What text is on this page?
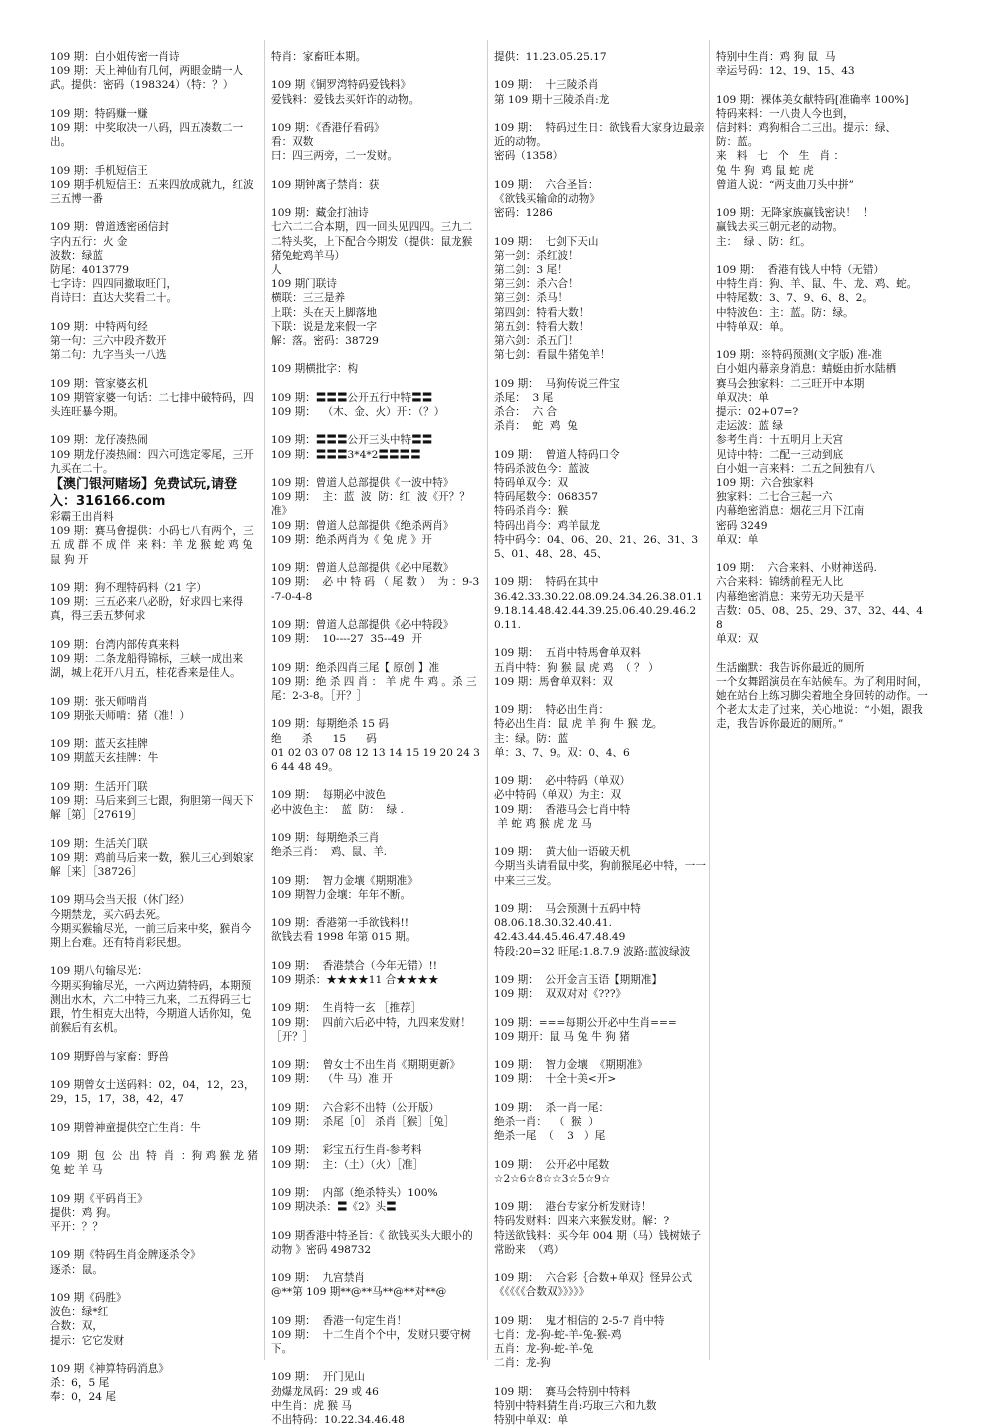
109 期：白小姐传密一肖诗
109 期：天上神仙有几何，两眼金睛一人武。提供：密码（198324）（特：？）
109 期：特码赚一赚
109 期：中奖取决一八码，四五凑数二一出。
109 期：手机短信王
109 期手机短信王：五来四放成就九，红波三五博一番
109 期：曾道透密函信封
字内五行：火 金
波数：绿蓝
防尾：4013779
七字诗：四四同撤取旺门，
肖诗曰：直达大奖看二十。
109 期：中特两句经
第一句：三六中段齐数开
第二句：九字当头一八选
109 期：管家婆玄机
109 期管家婆一句话：二七排中破特码，四头连旺暴今期。
109 期：龙仔凑热闹
109 期龙仔凑热闹：四六可选定零尾，三开九买在二十。
【澳门银河赌场】免费试玩,请登入：316166.com
彩霸王出肖料
109 期：赛马會提供：小码七八有两个，三 五 成 群 不 成 伴  来 料：羊 龙 猴 蛇 鸡 兔 鼠 狗 开
109 期：狗不理特码料（21 字）
109 期：三五必来八必盼，好求四七来得真，得三丢五梦何求
109 期：台湾内部传真来料
109 期：二条龙船得锦标，三峡一成出来湖，城上花开八月五，桂花香来是佳人。
109 期：张天师啃肖
109 期张天师啃：猪（准！）
109 期：蓝天玄挂牌
109 期蓝天玄挂牌：牛
109 期：生活开门联
109 期：马后来到三七跟，狗胆第一闯天下
解［第］［27619］
109 期：生活关门联
109 期：鸡前马后来一数，猴儿三心到娘家
解［来］［38726］
109 期马会当天报（休门经）
今期禁龙，买六码去死。
今期买猴输尽光，一前三后来中奖，猴肖今期上台难。还有特肖彩民想。
109 期八句输尽光：
今期买狗输尽光，一六两边猜特码，本期预测出水木，六二中特三九来，二五得码三七跟，竹生相克大出特，今期道人话你知，兔前猴后有玄机。
109 期野兽与家畜：野兽
109 期曾女士送码料：02，04，12，23，29，15，17，38，42，47
109 期曾神童提供空亡生肖：牛
109  期  包  公  出  特  肖  ：狗 鸡 猴 龙 猪 兔 蛇 羊 马
109 期《平码肖王》
提供：鸡 狗。
平开：？？
109 期《特码生肖金牌逐杀令》
逐杀：鼠。
109 期《码胜》
波色：绿*红
合数：双，
提示：它它发财
109 期《神算特码消息》
杀：6，5 尾
奉：0，24 尾
特肖：家畜旺本期。
109 期《铜罗湾特码爱钱料》
爱钱料：爱钱去买奸诈的动物。
109 期：《香港仔看码》
看：双数
曰：四三两旁，二一发财。
109 期钟离子禁肖：获
109 期：藏金打油诗
七六二二合本期，四一回头见四四。三九二二特头奖，上下配合今期发（提供：鼠龙猴猪兔蛇鸡羊马）
人
109 期门联诗
横联：三三是养
上联：头在天上脚落地
下联：说是龙来假一字
解：落。密码：38729
109 期横批字：构
109 期：〓〓〓公开五行中特〓〓
109 期：  （木、金、火）开：（？）
109 期：〓〓〓公开三头中特〓〓
109 期：〓〓〓3*4*2〓〓〓〓
109 期：曾道人总部提供《一波中特》
109 期：  主：蓝  波  防：红  波《开？？准》
109 期：曾道人总部提供《绝杀两肖》
109 期：绝杀两肖为《 兔 虎 》开
109 期：曾道人总部提供《必中尾数》
109 期：  必 中 特 码 （ 尾 数 ）  为 ：9-3-7-0-4-8
109 期：曾道人总部提供《必中特段》
109 期：  10----27  35--49  开
109 期：绝杀四肖三尾【 原创 】准
109 期：绝 杀 四 肖 ： 羊 虎 牛 鸡 。杀 三 尾：2-3-8。［开？］
109 期：每期绝杀 15 码
绝      杀      15      码
01 02 03 07 08 12 13 14 15 19 20 24 36 44 48 49。
109 期：  每期必中波色
必中波色主：  蓝  防：  绿 .
109 期：每期绝杀三肖
绝杀三肖：  鸡、鼠、羊.
109 期：  智力金壤《期期准》
109 期智力金壤：年年不断。
109 期：香港第一手欲钱料!!
欲钱去看 1998 年第 015 期。
109 期：  香港禁合（今年无错）!!
109 期杀：★★★★11 合★★★★
109 期：  生肖特一玄 ［推荐］
109 期：  四前六后必中特，九四来发财！［开？］
109 期：  曾女士不出生肖《期期更新》
109 期：  （牛 马）准 开
109 期：  六合彩不出特（公开版）
109 期：  杀尾［0］ 杀肖［猴］［兔］
109 期：  彩宝五行生肖-参考料
109 期：  主：（土）（火）［准］
109 期：  内部（绝杀特头）100%
109 期决杀：〓《2》头〓
109 期香港中特圣旨：《 欲钱买头大眼小的动物 》密码 498732
109 期：  九宫禁肖
@**第 109 期**@**马**@**对**@
109 期：  香港一句定生肖！
109 期：  十二生肖个个中，发财只要守树下。
109 期：  开门见山
劲爆龙凤码：29 或 46
中生肖：虎 猴 马
不出特码：10.22.34.46.48
提供：11.23.05.25.17
109 期：  十三陵杀肖
第 109 期十三陵杀肖:龙
109 期：  特码过生日：欲钱看大家身边最亲近的动物。
密码（1358）
109 期：  六合圣旨：
《欲钱买输命的动物》
密码：1286
109 期：  七剑下天山
第一剑：杀红波！
第二剑：3 尾！
第三剑：杀六合！
第三剑：杀马！
第四剑：特看大数！
第五剑：特看大数！
第六剑：杀五门！
第七剑：看鼠牛猪兔羊！
109 期：  马狗传说三件宝
杀尾：  3 尾
杀合：  六 合
杀肖：  蛇  鸡  兔
109 期：  曾道人特码口令
特码杀波色今：蓝波
特码单双今：双
特码尾数今：068357
特码杀肖今：猴
特码出肖今：鸡羊鼠龙
特中码今：04、06、20、21、26、31、35、01、48、28、45、
109 期：  特码在其中
36.42.33.30.22.08.09.24.34.26.38.01.19.18.14.48.42.44.39.25.06.40.29.46.20.11.
109 期：  五肖中特馬會单双料
五肖中特：狗 猴 鼠 虎 鸡  （ ？ ）
109 期：馬會单双料：双
109 期：  特必出生肖：
特必出生肖：鼠 虎 羊 狗 牛 猴 龙。
主：绿。防：蓝
单：3、7、9。双：0、4、6
109 期：  必中特码（单双）
必中特码（单双）为主：双
109 期：  香港马会七肖中特
羊 蛇 鸡 猴 虎 龙 马
109 期：  黄大仙一语破天机
今期当头请看鼠中奖，狗前猴尾必中特，一一中来三三发。
109 期：  马会预测十五码中特
08.06.18.30.32.40.41.
42.43.44.45.46.47.48.49
特段:20=32 旺尾:1.8.7.9 波路:蓝波绿波
109 期：  公开金言玉语【期期准】
109 期：  双双对对《???》
109 期：===每期公开必中生肖===
109 期开：鼠 马 兔 牛 狗 猪
109 期：  智力金壤  《期期准》
109 期：  十全十美<开>
109 期：  杀一肖一尾：
绝杀一肖：  （  猴  ）
绝杀一尾  （    3   ）尾
109 期：  公开必中尾数
☆2☆6☆8☆☆3☆5☆9☆
109 期：  港台专家分析发财诗！
特码发财料：四来六来猴发财。解：?
特送欲钱料：买今年 004 期（马）钱树婊子常盼来  （鸡）
109 期：  六合彩｛合数+单双｝怪异公式
《《《《《合数双》》》》》
109 期：  鬼才相信的 2-5-7 肖中特
七肖：龙-狗-蛇-羊-兔-猴-鸡
五肖：龙-狗-蛇-羊-兔
二肖：龙-狗
109 期：  赛马会特别中特料
特别中特料猜生肖:巧取三六和九数
特别中单双：单
特别中生肖：鸡 狗 鼠  马
幸运号码：12、19、15、43
109 期：裸体美女献特码[准确率 100%]
特码来料：一八贵人今也到，
信封料：鸡狗相合二三出。提示：绿、
防：蓝。
来   料   七   个   生   肖 ：
兔 牛 狗  鸡 鼠 蛇 虎
曾道人说：“两支曲刀头中拼”
109 期：无降家族赢钱密诀！  ！
赢钱去买三朝元老的动物。
主：  绿 、防：红。
109 期：  香港有钱人中特（无错）
中特生肖：狗、羊、鼠、牛、龙、鸡、蛇。
中特尾数：3、7、9、6、8、2。
中特波色：主：蓝。防：绿。
中特单双：单。
109 期：※特码预测(文字版) 准-准
白小姐内幕亲身消息：蜻蜓由折水陆栖
赛马会独家料：二三旺开中本期
单双决：单
提示：02+07=?
走运波：蓝 绿
参考生肖：十五明月上天宫
见诗中特：二配一三动到底
白小姐一言来料：二五之间独有八
109 期：六合独家料
独家料：二七合三起一六
内幕绝密消息：烟花三月下江南
密码 3249
单双：单
109 期：  六合来料、小财神送码.
六合来料：锦绣前程无人比
内幕绝密消息：来劳无功天是平
吉数：05、08、25、29、37、32、44、48
单双：双
生活幽默：我告诉你最近的厕所
一个女舞蹈演员在车站候车。为了利用时间，她在站台上练习脚尖着地全身回转的动作。一个老太太走了过来，关心地说：“小姐，跟我走，我告诉你最近的厕所。”
